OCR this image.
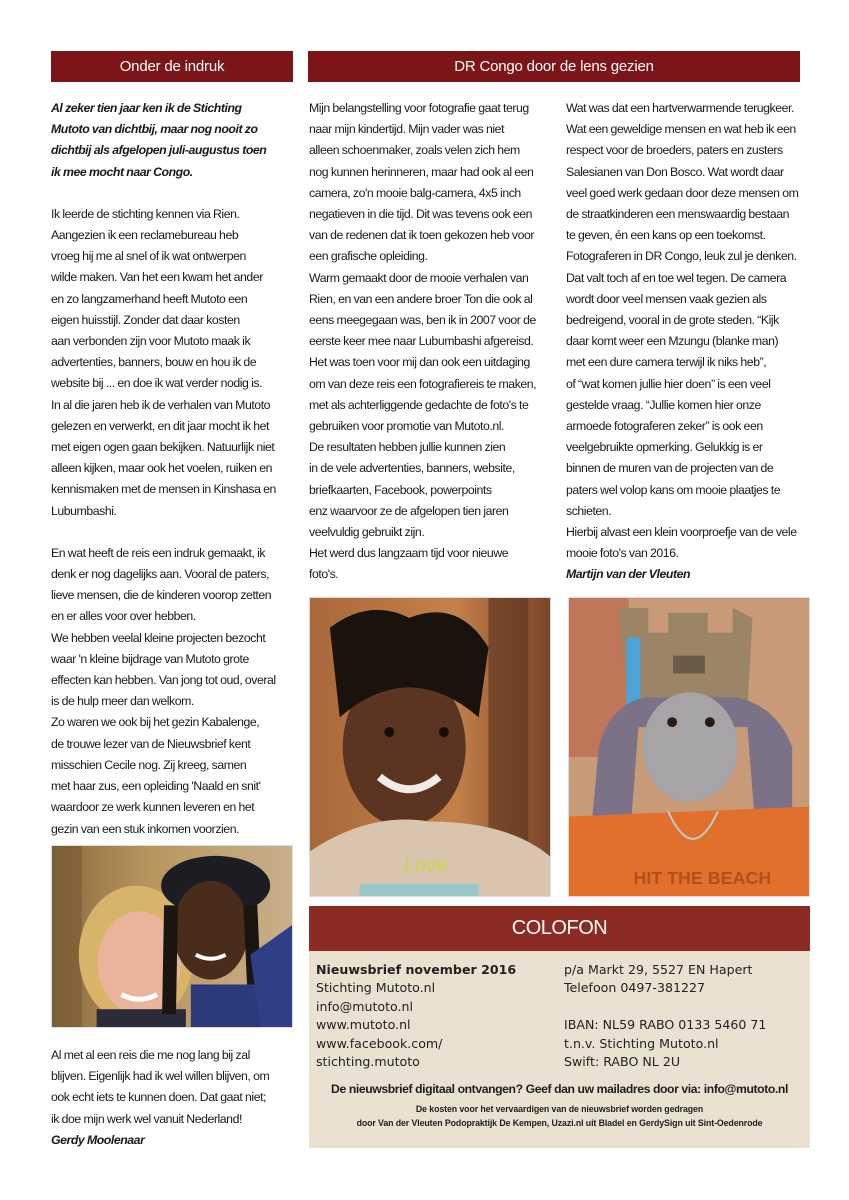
Onder de indruk	DR Congo door de lens gezien

Al zeker tien jaar ken ik de Stichting
Mutoto van dichtbij, maar nog nooit zo
dichtbij als afgelopen juli-augustus toen
ik mee mocht naar Congo.

Ik leerde de stichting kennen via Rien.
Aangezien ik een reclamebureau heb
vroeg hij me al snel of ik wat ontwerpen
wilde maken. Van het een kwam het ander
en zo langzamerhand heeft Mutoto een
eigen huisstijl. Zonder dat daar kosten
aan verbonden zijn voor Mutoto maak ik
advertenties, banners, bouw en hou ik de
website bij ... en doe ik wat verder nodig is.
In al die jaren heb ik de verhalen van Mutoto
gelezen en verwerkt, en dit jaar mocht ik het
met eigen ogen gaan bekijken. Natuurlijk niet
alleen kijken, maar ook het voelen, ruiken en
kennismaken met de mensen in Kinshasa en
Lubumbashi.

En wat heeft de reis een indruk gemaakt, ik
denk er nog dagelijks aan. Vooral de paters,
lieve mensen, die de kinderen voorop zetten
en er alles voor over hebben.
We hebben veelal kleine projecten bezocht
waar 'n kleine bijdrage van Mutoto grote
effecten kan hebben. Van jong tot oud, overal
is de hulp meer dan welkom.
Zo waren we ook bij het gezin Kabalenge,
de trouwe lezer van de Nieuwsbrief kent
misschien Cecile nog. Zij kreeg, samen
met haar zus, een opleiding 'Naald en snit'
waardoor ze werk kunnen leveren en het
gezin van een stuk inkomen voorzien.

Al met al een reis die me nog lang bij zal
blijven. Eigenlijk had ik wel willen blijven, om
ook echt iets te kunnen doen. Dat gaat niet;
ik doe mijn werk wel vanuit Nederland!

Gerdy Moolenaar

Mijn belangstelling voor fotografie gaat terug
naar mijn kindertijd. Mijn vader was niet
alleen schoenmaker, zoals velen zich hem
nog kunnen herinneren, maar had ook al een
camera, zo'n mooie balg-camera, 4x5 inch
negatieven in die tijd. Dit was tevens ook een
van de redenen dat ik toen gekozen heb voor
een grafische opleiding.
Warm gemaakt door de mooie verhalen van
Rien, en van een andere broer Ton die ook al
eens meegegaan was, ben ik in 2007 voor de
eerste keer mee naar Lubumbashi afgereisd.
Het was toen voor mij dan ook een uitdaging
om van deze reis een fotografiereis te maken,
met als achterliggende gedachte de foto's te
gebruiken voor promotie van Mutoto.nl.
De resultaten hebben jullie kunnen zien
in de vele advertenties, banners, website,
briefkaarten, Facebook, powerpoints
enz waarvoor ze de afgelopen tien jaren
veelvuldig gebruikt zijn.
Het werd dus langzaam tijd voor nieuwe
foto's.

Wat was dat een hartverwarmende terugkeer.
Wat een geweldige mensen en wat heb ik een
respect voor de broeders, paters en zusters
Salesianen van Don Bosco. Wat wordt daar
veel goed werk gedaan door deze mensen om
de straatkinderen een menswaardig bestaan
te geven, én een kans op een toekomst.
Fotograferen in DR Congo, leuk zul je denken.
Dat valt toch af en toe wel tegen. De camera
wordt door veel mensen vaak gezien als
bedreigend, vooral in de grote steden. “Kijk
daar komt weer een Mzungu (blanke man)
met een dure camera terwijl ik niks heb”,
of “wat komen jullie hier doen” is een veel
gestelde vraag. “Jullie komen hier onze
armoede fotograferen zeker” is ook een
veelgebruikte opmerking. Gelukkig is er
binnen de muren van de projecten van de
paters wel volop kans om mooie plaatjes te
schieten.
Hierbij alvast een klein voorproefje van de vele
mooie foto's van 2016.

Martijn van der Vleuten

Love
HIT THE BEACH
COLOFON
Nieuwsbrief november 2016
Stichting Mutoto.nl
info@mutoto.nl
www.mutoto.nl
www.facebook.com/
stichting.mutoto
p/a Markt 29, 5527 EN Hapert
Telefoon 0497-381227
IBAN: NL59 RABO 0133 5460 71
t.n.v. Stichting Mutoto.nl
Swift: RABO NL 2U
De nieuwsbrief digitaal ontvangen? Geef dan uw mailadres door via: info@mutoto.nl
De kosten voor het vervaardigen van de nieuwsbrief worden gedragen
door Van der Vleuten Podopraktijk De Kempen, Uzazi.nl uit Bladel en GerdySign uit Sint-Oedenrode
